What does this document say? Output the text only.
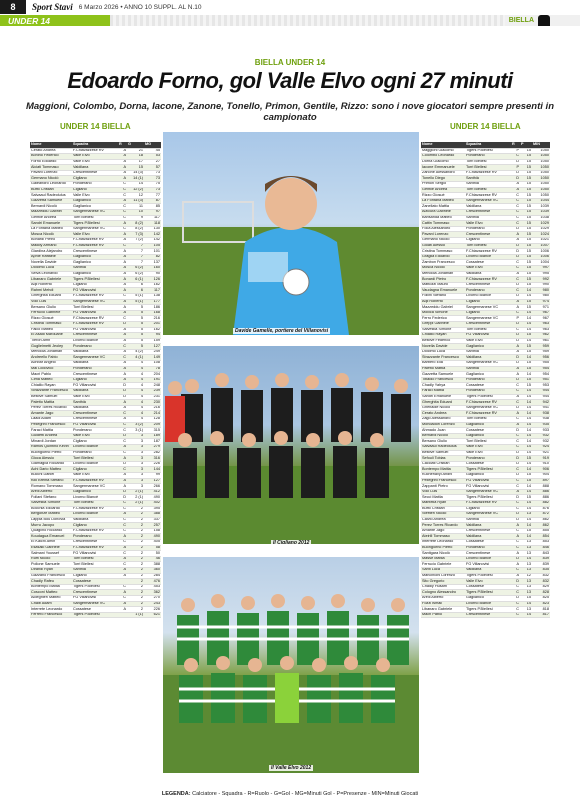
8	Sport Stavi 6 Marzo 2026 • ANNO 10 SUPPL. AL N.10
UNDER 14	BIELLA
BIELLA UNDER 14
Edoardo Forno, gol Valle Elvo ogni 27 minuti
Maggioni, Colombo, Dorna, Iacone, Zanone, Tonello, Primon, Gentile, Rizzo: sono i nove giocatori sempre presenti in campionato
UNDER 14 BIELLA	UNDER 14 BIELLA
Nome	Squadra	R	G	MG
Cerato Andrea	F.Chiavazzese RV	A	21	45
Bonino Federico	Valle Elvo	A	18	53
Forno Edoardo	Valle Elvo	A	17	27
Alciati Tommaso	Valdilana	A	15	57
Pavani Lorenzo	Crescentinese	A	14 (3)	73
Germano Nicolò	Cigliano	A	14 (1)	73
Galeandro Leonardo	Ponderano	C	14	75
Buffo Cristian	Cigliano	C	12 (2)	73
Salvaaul Radeolulus	Valle Elvo	C	12	77
Gazzetta Samuele	Gaglianico	A	11 (3)	87
Bernardi Nicolò	Gaglianico	C	11	85
Mazzeddu Gabriel	Sangermanese VC	C	10	97
Gentile Andrea	Torri Biellesi	C	9	117
Sandri Emanuele	Tigers P.Biellesi	A	8 (2)	118
La Fontana Matteo	Sangermanese VC	C	8 (2)	130
Mosca Nicolò	Valle Elvo	A	7 (3)	142
Bonardi Pietro	F.Chiavazzese RV	A	7 (2)	142
Maddy Armano	F.Chiavazzese RV	C	7	105
Giardina Alejandro	Crescentinese	A	7	101
Aprile Raffaele	Gaglianico	A	7	82
Novella Davide	Gaglianico	A	7	137
Dolcimo Luca	Santhià	A	6 (2)	160
Selva Leonardo	Gaglianico	A	6 (2)	90
Libanaro Gabriele	Tigers P.Biellesi	A	6 (1)	126
Aqii Roberto	Cigliano	A	6	162
Rahmi Mehdi	FG Villanovisi	A	6	117
Gherghita Eduard	F.Chiavazzese RV	C	5 (1)	138
Voci Luis	Sangermanese VC	A	5 (1)	177
Bersano Giulio	Torri Biellesi	A	5	186
Ferrucio Gabriele	FG Villanovisi	A	5	168
Rizzo Giosuè	F.Chiavazzese RV	C	5	216
Cristina Tommaso	F.Chiavazzese RV	D	5	201
Falco Matteo	FG Villanovisi	A	5	162
El Asadi Marouane	Crescentinese	A	5	94
Tieron Amn	Livorno Biancè	A	5	159
Guglielmetti Jeoley	Ponderano	C	5	127
Mendola Jonathan	Valdilana	A	4 (2)	249
Andreello Fabio	Sangermanese VC	C	4 (1)	149
Achbar Angelo	Valdilana	A	4	108
Mai Lodovico	Ponderano	A	4	78
Macri Pablo	Crescentinese	A	4	204
Cima Matteo	Cigliano	A	4	191
Chiaiilo Rayan	FG Villanovisi	D	4	248
Strazzante Francesco	Valdilana	D	4	239
Bestive Samuel	Valle Elvo	D	4	231
Paletto Mattia	Santhià	A	4	230
Perez Torres Ricardo	Valdilana	A	4	216
Amante Jago	Crescentinese	C	4	214
Laadi Adam	Crescentinese	A	4	128
Pellegrini Francesco	FG Villanovisi	C	3 (2)	209
Faraci Mattia	Ponderano	C	3 (1)	315
Guidetti Andrea	Valle Elvo	D	3	189
Minardi Jordan	Cigliano	C	3	187
Ramos Quintino Kevin	Livorno Biancè	A	3	279
Buongiorno Pietro	Ponderano	C	3	282
Gioca Alessio	Torri Biellesi	A	3	316
Giamaglia Riccardo	Livorno Biancè	D	3	226
Achi Dario Matteo	Cigliano	C	3	144
Bucchi Daniel	Valle Elvo	A	3	99
Kiki Brenta Stefano	F.Chiavazzese RV	A	3	127
Romano Tommaso	Sangermanese VC	A	3	266
Arelli Alberto	Gaglianico	D	2 (1)	412
Follani Stefano	Livorno Biancè	D	2 (1)	490
Salvestia Simone	Torri Biellesi	C	2 (1)	402
Bocchia Edoardo	F.Chiavazzese RV	C	2	395
Bergonze Matteo	Livorno Biancè	A	2	388
Lappia Bou Donovia	Valdilana	C	2	337
Murru Jacopo	Cigliano	C	2	257
Quaglino Riccardo	F.Chiavazzese RV	C	2	158
Koudagua Emanuel	Ponderano	A	2	490
El Kaichi Amin	Crescentinese	C	2	405
Esasaki Gabriele	F.Chiavazzese RV	A	2	58
Salmani Youssef	FG Villanovisi	C	2	50
Ruffi Nicolò	Torri Biellesi	A	2	46
Pollone Samuele	Torri Biellesi	C	2	388
Dirandi Ryan	Santhià	A	2	360
Gazzano Francesco	Cigliano	A	2	284
Chadly Rafeu	Cossatese		2	476
Bontempo Mattia	Tigers P.Biellesi	C	2	453
Cosconi Matteo	Crescentinese	A	2	362
Aldeghieri Matteo	FG Villanovisi	C	2	270
Chaib Adam	Sangermanese VC	A	2	243
Interrete Leonardo	Cossatese	A	2	226
Ferrero Francesco	Tigers P.Biellesi		1 (1)	621
Nome	Squadra	R	P	MIN
Maggioni Giacomo	Tigers P.Biellesi	P	15	1050
Colombo Leonardo	Ponderano	C	15	1050
Dorna Giacomo	Torri Biellesi	D	15	1050
Iacone Emmanuele	Torri Biellesi	P	15	1050
Zanone Alessandro	F.Chiavazzese RV	D	15	1050
Tonello Diego	Santhià	D	15	1050
Primon Sergio	Santhià	A	15	1050
Gentile Andrea	Torri Biellesi	A	15	1050
Rizzo Giosuè	F.Chiavazzese RV	C	15	1050
La Fontana Matteo	Sangermanese VC	C	15	1044
Zanellato Mattia	Valdilana	C	15	1039
Alzicura Gabriele	Crescentinese	C	15	1039
Barisanda Matteo	Santhià	C	15	1038
Cattin Tommaso	Valle Elvo	C	15	1029
Foca Alessandro	Ponderano	D	15	1029
Pavani Lorenzo	Crescentinese	A	15	1024
Germano Nicolò	Cigliano	A	15	1021
Gioati Alessio	Torri Biellesi	D	15	1007
Cristina Tommaso	F.Chiavazzese RV	D	15	1006
Graglia Edoardo	Livorno Biancè	D	15	1006
Zambon Francesco	Cossatese	C	15	1004
Mosca Nicolò	Valle Elvo	C	15	997
Mendola Jonathan	Valdilana	A	15	995
Bonardi Pietro	F.Chiavazzese RV	C	15	992
Mattozzi Mauro	Crescentinese	D	15	990
Vaudagna Emanuele	Ponderano	C	14	980
Follini Stefano	Livorno Biancè	D	14	980
Aqii Roberto	Cigliano	A	15	974
Mazzeddu Gabriel	Sangermanese VC	A	15	971
Mollica Simone	Cigliano	C	14	967
Ferro Federico	Sangermanese VC	P	14	967
Greppi Gabriele	Crescentinese	D	14	963
Salvestia Simone	Torri Biellesi	C	14	963
Chiaiilo Rayan	FG Villanovisi	D	15	962
Bestive Federico	Valle Elvo	D	14	961
Novella Davide	Gaglianico	A	15	959
Dolcimo Luca	Santhià	A	15	959
Strazzante Francesco	Valdilana	D	14	956
Barbero Elia	Sangermanese VC	D	15	955
Paletto Mattia	Santhià	A	15	954
Gazzetta Samuele	Gaglianico	A	14	954
Tibaldo Francesco	Ponderano	D	15	951
Chadly Yahya	Cossatese	C	15	953
Faraci Mattia	Ponderano	C	14	944
Sandri Emanuele	Tigers P.Biellesi	A	14	944
Gherghita Eduard	F.Chiavazzese RV	C	14	942
Ghenadie Nicolò	Sangermanese VC	D	14	941
Cerato Andrea	F.Chiavazzese RV	A	14	938
Zago Alessandro	Torri Biellesi	C	14	938
Mondadori Lorenzo	Gaglianico	A	14	935
Ahmado Juan	Cossatese	D	14	933
Bernardi Nicolò	Gaglianico	C	14	932
Bersano Giulio	Torri Biellesi	C	14	932
Salvaaul Radeolulus	Valle Elvo	C	14	924
Bestive Samuel	Valle Elvo	D	14	921
Sefouli Tobias	Ponderano	D	15	919
Cacciati Cristian	Cossatese	D	14	910
Bontempo Mattia	Tigers P.Biellesi	C	14	906
Kucherlavyi Andrii	Gaglianico	D	15	904
Pellegrini Francesco	FG Villanovisi	C	15	897
Zappanti Pietro	FG Villanovisi	C	14	888
Voci Luis	Sangermanese VC	A	14	886
Secci Mattia	Tigers P.Biellesi	D	15	886
Mantella Ryan	F.Chiavazzese RV	C	14	882
Buffo Cristian	Cigliano	C	14	876
Steffieri Nicolò	Sangermanese VC	D	13	872
Calvio Andrea	Santhià	D	14	862
Perez Torres Ricardo	Valdilana	A	14	862
Amante Jago	Crescentinese	C	15	855
Ateirill Tommaso	Valdilana	A	14	854
Interrete Leonardo	Cossatese	C	13	853
Buongiorno Pietro	Ponderano	C	13	846
Santigara Nicolò	Crescentinese	A	13	843
Masse Mattia	Livorno Biancè	D	14	839
Ferrucio Gabriele	FG Villanovisi	A	13	839
Santi Luca	Valdilana	C	13	835
Mancinloni Lorenzo	Tigers P.Biellesi	A	12	832
Sito Gregorio	Valle Elvo	D	13	832
Chadly Husam	Cossatese	C	13	829
Cologno Alessandro	Tigers P.Biellesi	C	13	828
Arelli Alberto	Gaglianico	D	15	825
Fozzi Ismail	Livorno Biancè	C	14	823
Libanaro Gabriele	Tigers P.Biellesi	C	13	818
Macri Pablo	Crescentinese	C	14	817
Davide Gamelle, portiere del Villanovisi
Il Cigliano 2012
Il Valle Elvo 2012
LEGENDA: Calciatore - Squadra - R=Ruolo - G=Gol - MG=Minuti Gol - P=Presenze - MIN=Minuti Giocati
